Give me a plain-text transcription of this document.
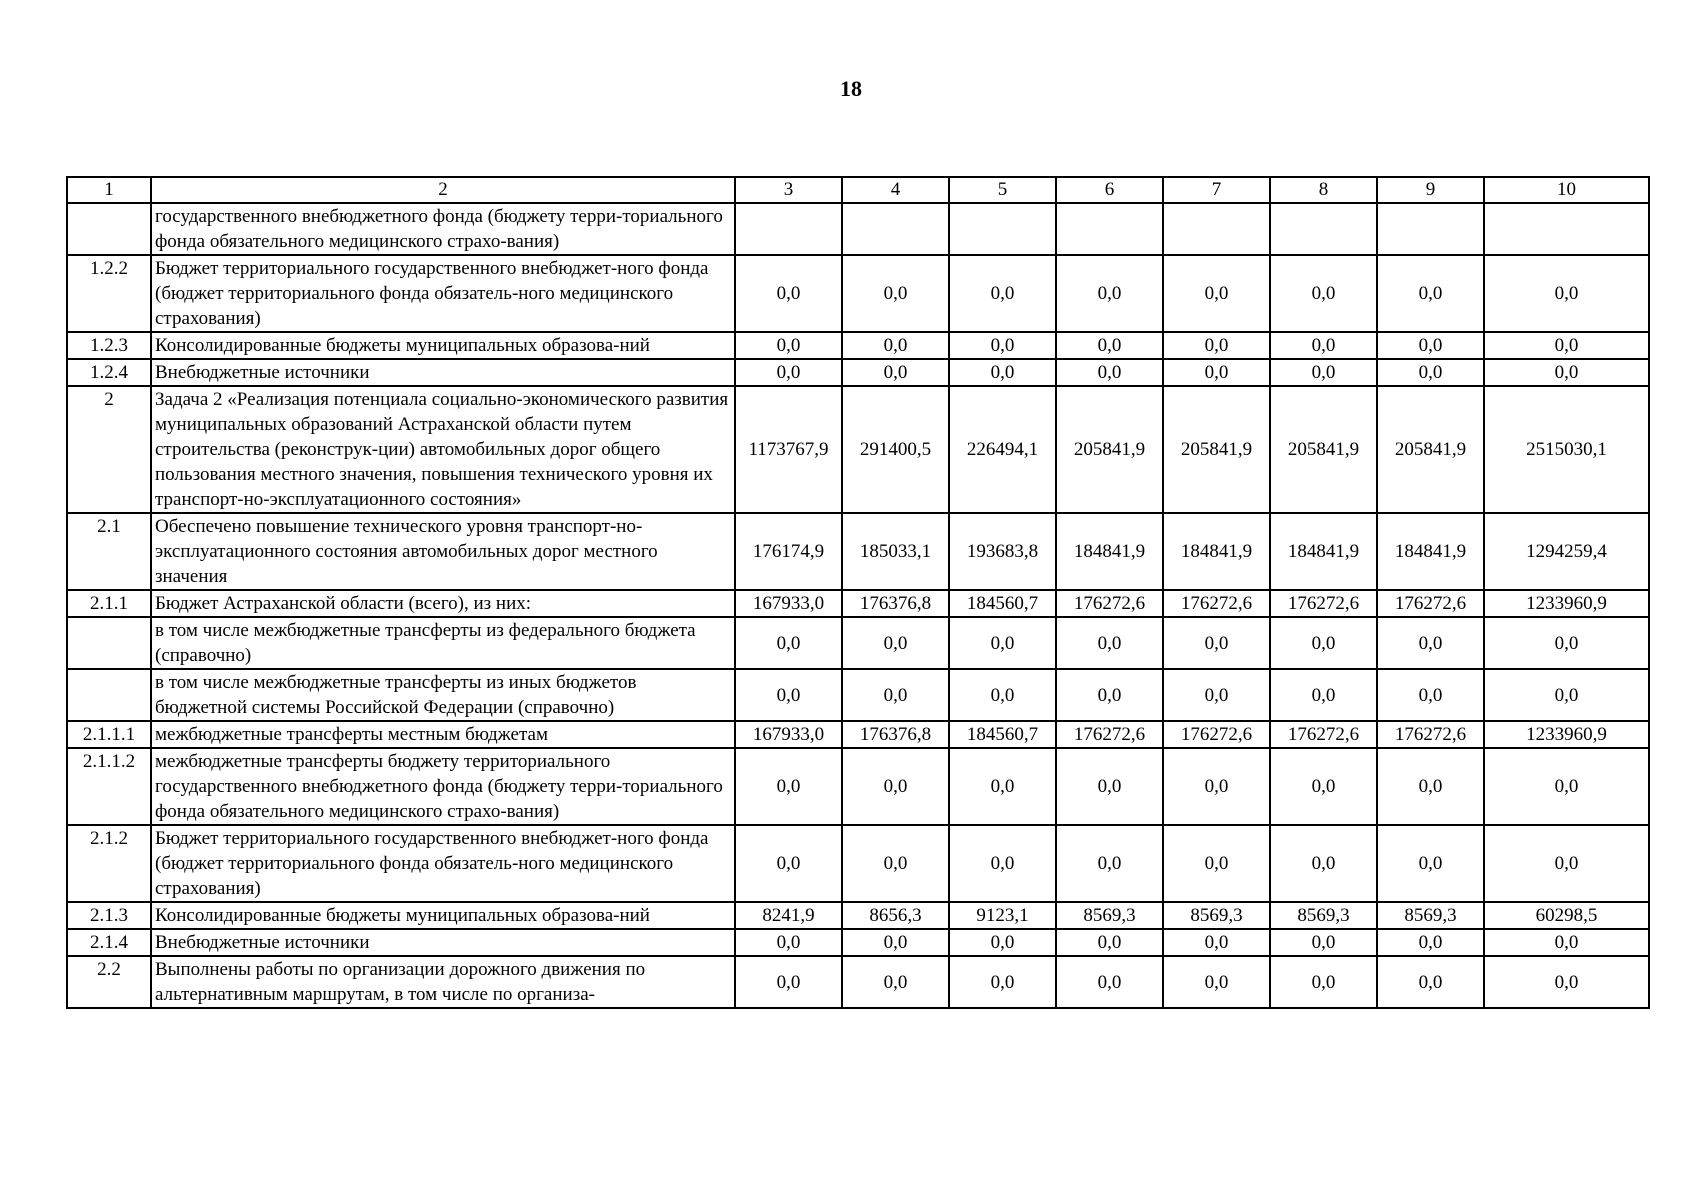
18
1	2	3	4	5	6	7	8	9	10
	государственного внебюджетного фонда (бюджету терри-ториального фонда обязательного медицинского страхо-вания)								
1.2.2	Бюджет территориального государственного внебюджет-ного фонда (бюджет территориального фонда обязатель-ного медицинского страхования)	0,0	0,0	0,0	0,0	0,0	0,0	0,0	0,0
1.2.3	Консолидированные бюджеты муниципальных образова-ний	0,0	0,0	0,0	0,0	0,0	0,0	0,0	0,0
1.2.4	Внебюджетные источники	0,0	0,0	0,0	0,0	0,0	0,0	0,0	0,0
2	Задача 2 «Реализация потенциала социально-экономического развития муниципальных образований Астраханской области путем строительства (реконструк-ции) автомобильных дорог общего пользования местного значения, повышения технического уровня их транспорт-но-эксплуатационного состояния»	1173767,9	291400,5	226494,1	205841,9	205841,9	205841,9	205841,9	2515030,1
2.1	Обеспечено повышение технического уровня транспорт-но-эксплуатационного состояния автомобильных дорог местного значения	176174,9	185033,1	193683,8	184841,9	184841,9	184841,9	184841,9	1294259,4
2.1.1	Бюджет Астраханской области (всего), из них:	167933,0	176376,8	184560,7	176272,6	176272,6	176272,6	176272,6	1233960,9
	в том числе межбюджетные трансферты из федерального бюджета (справочно)	0,0	0,0	0,0	0,0	0,0	0,0	0,0	0,0
	в том числе межбюджетные трансферты из иных бюджетов бюджетной системы Российской Федерации (справочно)	0,0	0,0	0,0	0,0	0,0	0,0	0,0	0,0
2.1.1.1	межбюджетные трансферты местным бюджетам	167933,0	176376,8	184560,7	176272,6	176272,6	176272,6	176272,6	1233960,9
2.1.1.2	межбюджетные трансферты бюджету территориального государственного внебюджетного фонда (бюджету терри-ториального фонда обязательного медицинского страхо-вания)	0,0	0,0	0,0	0,0	0,0	0,0	0,0	0,0
2.1.2	Бюджет территориального государственного внебюджет-ного фонда (бюджет территориального фонда обязатель-ного медицинского страхования)	0,0	0,0	0,0	0,0	0,0	0,0	0,0	0,0
2.1.3	Консолидированные бюджеты муниципальных образова-ний	8241,9	8656,3	9123,1	8569,3	8569,3	8569,3	8569,3	60298,5
2.1.4	Внебюджетные источники	0,0	0,0	0,0	0,0	0,0	0,0	0,0	0,0
2.2	Выполнены работы по организации дорожного движения по альтернативным маршрутам, в том числе по организа-	0,0	0,0	0,0	0,0	0,0	0,0	0,0	0,0
